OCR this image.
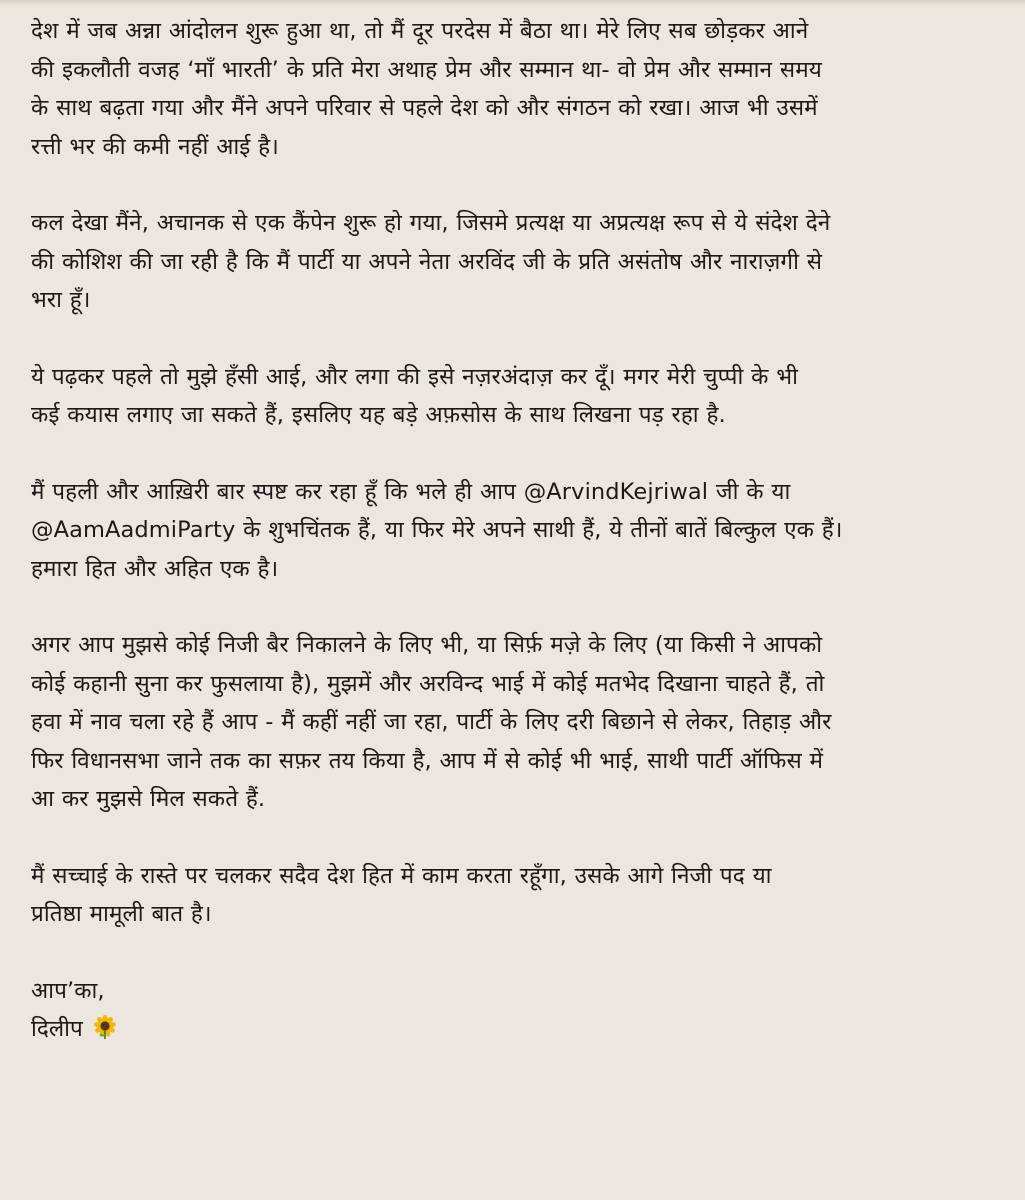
देश में जब अन्ना आंदोलन शुरू हुआ था, तो मैं दूर परदेस में बैठा था। मेरे लिए सब छोड़कर आने
की इकलौती वजह ‘माँ भारती’ के प्रति मेरा अथाह प्रेम और सम्मान था- वो प्रेम और सम्मान समय
के साथ बढ़ता गया और मैंने अपने परिवार से पहले देश को और संगठन को रखा। आज भी उसमें
रत्ती भर की कमी नहीं आई है।
कल देखा मैंने, अचानक से एक कैंपेन शुरू हो गया, जिसमे प्रत्यक्ष या अप्रत्यक्ष रूप से ये संदेश देने
की कोशिश की जा रही है कि मैं पार्टी या अपने नेता अरविंद जी के प्रति असंतोष और नाराज़गी से
भरा हूँ।
ये पढ़कर पहले तो मुझे हँसी आई, और लगा की इसे नज़रअंदाज़ कर दूँ। मगर मेरी चुप्पी के भी
कई कयास लगाए जा सकते हैं, इसलिए यह बड़े अफ़सोस के साथ लिखना पड़ रहा है.
मैं पहली और आख़िरी बार स्पष्ट कर रहा हूँ कि भले ही आप @ArvindKejriwal जी के या
@AamAadmiParty के शुभचिंतक हैं, या फिर मेरे अपने साथी हैं, ये तीनों बातें बिल्कुल एक हैं।
हमारा हित और अहित एक है।
अगर आप मुझसे कोई निजी बैर निकालने के लिए भी, या सिर्फ़ मज़े के लिए (या किसी ने आपको
कोई कहानी सुना कर फुसलाया है), मुझमें और अरविन्द भाई में कोई मतभेद दिखाना चाहते हैं, तो
हवा में नाव चला रहे हैं आप - मैं कहीं नहीं जा रहा, पार्टी के लिए दरी बिछाने से लेकर, तिहाड़ और
फिर विधानसभा जाने तक का सफ़र तय किया है, आप में से कोई भी भाई, साथी पार्टी ऑफिस में
आ कर मुझसे मिल सकते हैं.
मैं सच्चाई के रास्ते पर चलकर सदैव देश हित में काम करता रहूँगा, उसके आगे निजी पद या
प्रतिष्ठा मामूली बात है।
आप’का,
दिलीप
